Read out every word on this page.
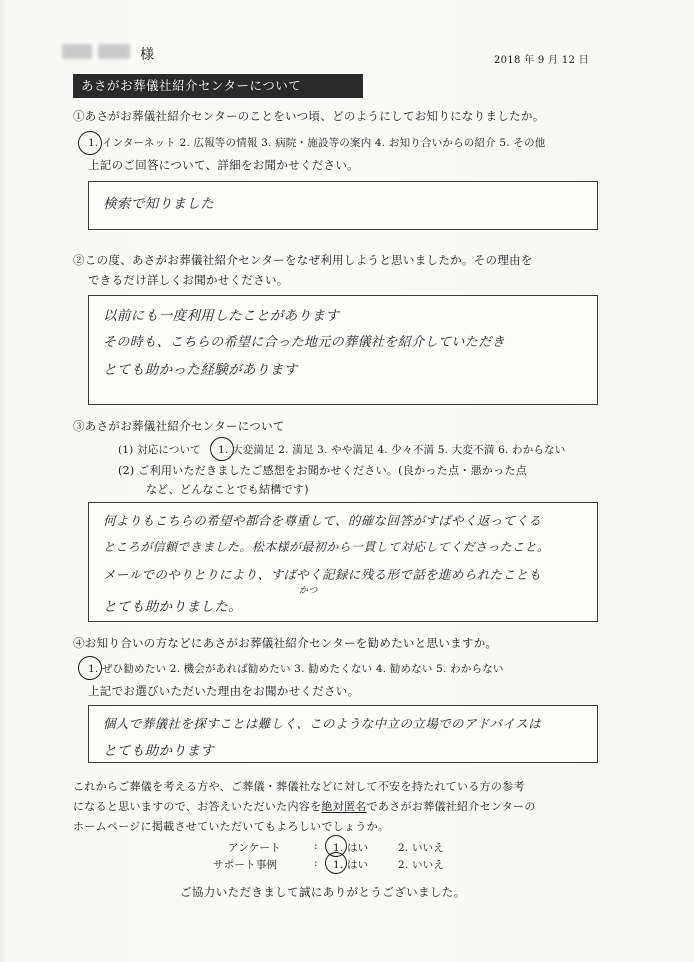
様	2018 年 9 月 12 日
あさがお葬儀社紹介センターについて
①あさがお葬儀社紹介センターのことをいつ頃、どのようにしてお知りになりましたか。
1. インターネット 2. 広報等の情報 3. 病院・施設等の案内 4. お知り合いからの紹介 5. その他
上記のご回答について、詳細をお聞かせください。
検索で知りました
②この度、あさがお葬儀社紹介センターをなぜ利用しようと思いましたか。その理由を
できるだけ詳しくお聞かせください。
以前にも一度利用したことがあります
その時も、こちらの希望に合った地元の葬儀社を紹介していただき
とても助かった経験があります
③あさがお葬儀社紹介センターについて
(1) 対応について 1. 大変満足 2. 満足 3. やや満足 4. 少々不満 5. 大変不満 6. わからない
(2) ご利用いただきましたご感想をお聞かせください。(良かった点・悪かった点
など、どんなことでも結構です)
何よりもこちらの希望や都合を尊重して、的確な回答がすばやく返ってくる
ところが信頼できました。松本様が最初から一貫して対応してくださったこと。
メールでのやりとりにより、すばやく記録に残る形で話を進められたことも
かつ
とても助かりました。
④お知り合いの方などにあさがお葬儀社紹介センターを勧めたいと思いますか。
1. ぜひ勧めたい 2. 機会があれば勧めたい 3. 勧めたくない 4. 勧めない 5. わからない
上記でお選びいただいた理由をお聞かせください。
個人で葬儀社を探すことは難しく、このような中立の立場でのアドバイスは
とても助かります
これからご葬儀を考える方や、ご葬儀・葬儀社などに対して不安を持たれている方の参考
になると思いますので、お答えいただいた内容を絶対匿名であさがお葬儀社紹介センターの
ホームページに掲載させていただいてもよろしいでしょうか。
アンケート	: 1. はい	2. いいえ
サポート事例	: 1. はい	2. いいえ
ご協力いただきまして誠にありがとうございました。
